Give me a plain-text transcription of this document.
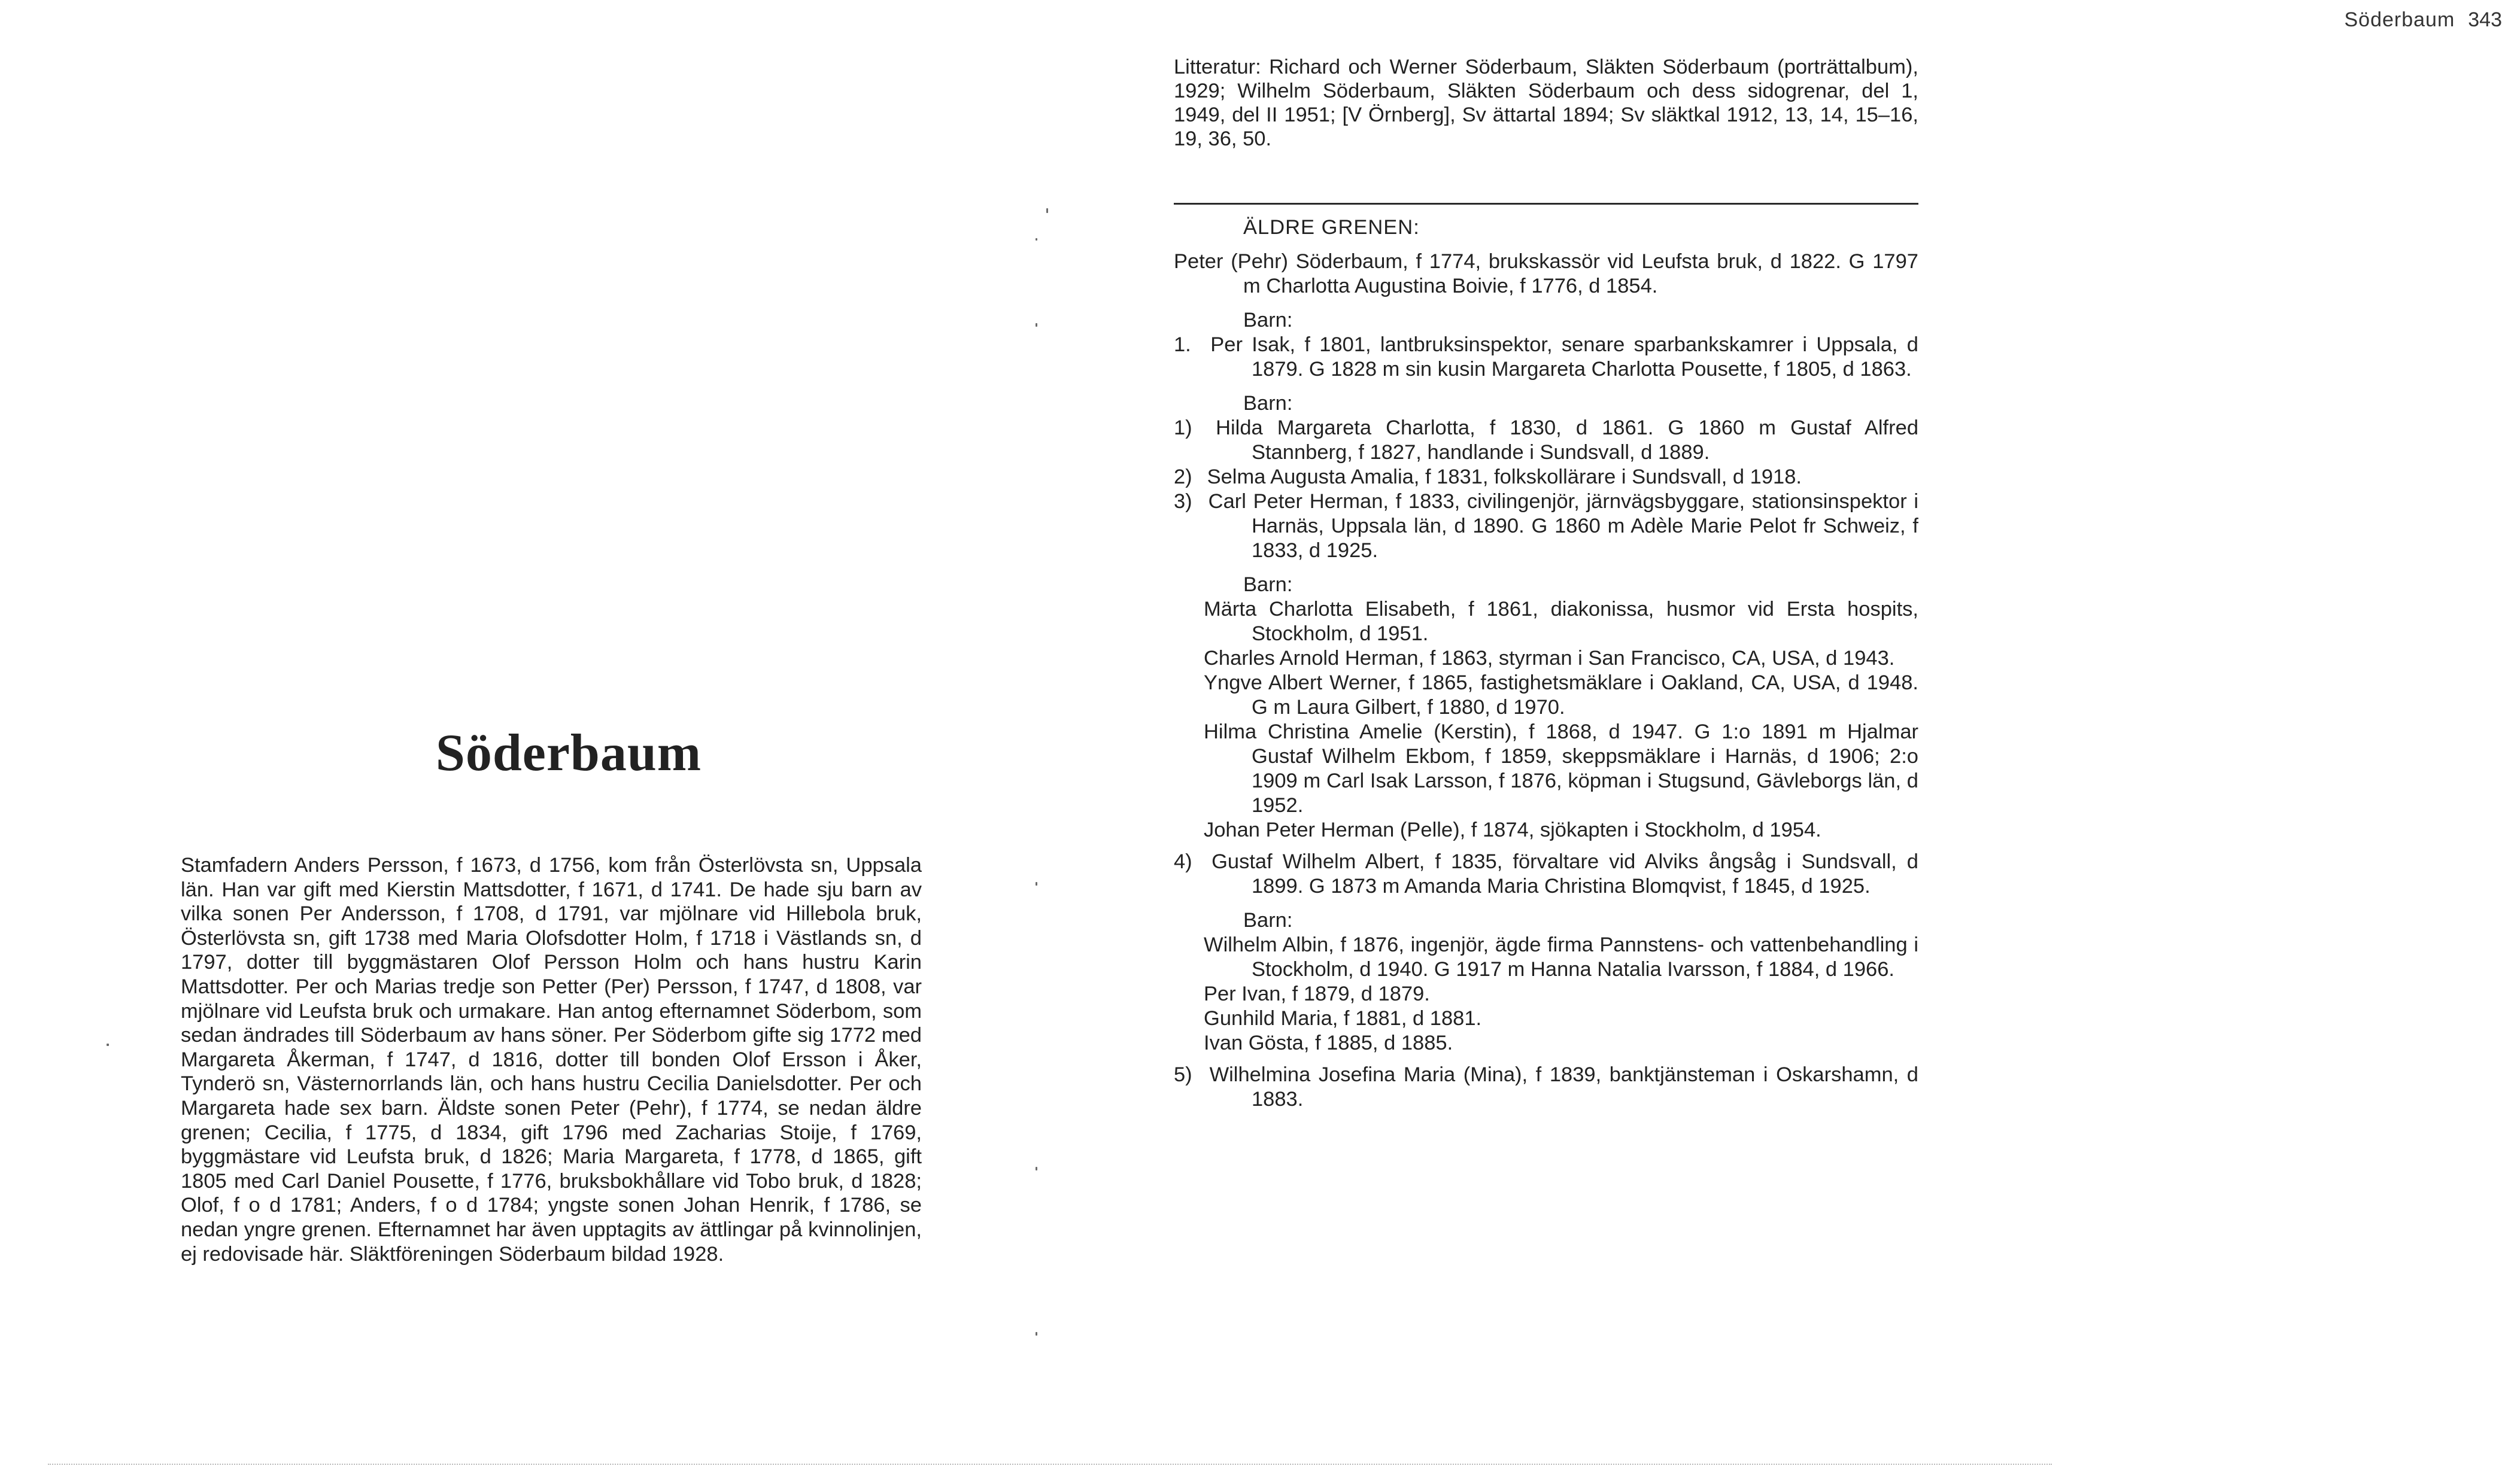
Söderbaum
Stamfadern Anders Persson, f 1673, d 1756, kom från Österlövsta sn, Uppsala län. Han var gift med Kierstin Mattsdotter, f 1671, d 1741. De hade sju barn av vilka sonen Per Andersson, f 1708, d 1791, var mjölnare vid Hillebola bruk, Österlövsta sn, gift 1738 med Maria Olofsdotter Holm, f 1718 i Västlands sn, d 1797, dotter till byggmästaren Olof Persson Holm och hans hustru Karin Mattsdotter. Per och Marias tredje son Petter (Per) Persson, f 1747, d 1808, var mjölnare vid Leufsta bruk och urmakare. Han antog efternamnet Söderbom, som sedan ändrades till Söderbaum av hans söner. Per Söderbom gifte sig 1772 med Margareta Åkerman, f 1747, d 1816, dotter till bonden Olof Ersson i Åker, Tynderö sn, Västernorrlands län, och hans hustru Cecilia Danielsdotter. Per och Margareta hade sex barn. Äldste sonen Peter (Pehr), f 1774, se nedan äldre grenen; Cecilia, f 1775, d 1834, gift 1796 med Zacharias Stoije, f 1769, byggmästare vid Leufsta bruk, d 1826; Maria Margareta, f 1778, d 1865, gift 1805 med Carl Daniel Pousette, f 1776, bruksbokhållare vid Tobo bruk, d 1828; Olof, f o d 1781; Anders, f o d 1784; yngste sonen Johan Henrik, f 1786, se nedan yngre grenen. Efternamnet har även upptagits av ättlingar på kvinnolinjen, ej redovisade här. Släktföreningen Söderbaum bildad 1928.
Söderbaum 343
Litteratur: Richard och Werner Söderbaum, Släkten Söderbaum (porträttalbum), 1929; Wilhelm Söderbaum, Släkten Söderbaum och dess sidogrenar, del 1, 1949, del II 1951; [V Örnberg], Sv ättartal 1894; Sv släktkal 1912, 13, 14, 15–16, 19, 36, 50.
ÄLDRE GRENEN:
Peter (Pehr) Söderbaum, f 1774, brukskassör vid Leufsta bruk, d 1822. G 1797 m Charlotta Augustina Boivie, f 1776, d 1854.
Barn:
1. Per Isak, f 1801, lantbruksinspektor, senare sparbankskamrer i Uppsala, d 1879. G 1828 m sin kusin Margareta Charlotta Pousette, f 1805, d 1863.
Barn:
1) Hilda Margareta Charlotta, f 1830, d 1861. G 1860 m Gustaf Alfred Stannberg, f 1827, handlande i Sundsvall, d 1889.
2) Selma Augusta Amalia, f 1831, folkskollärare i Sundsvall, d 1918.
3) Carl Peter Herman, f 1833, civilingenjör, järnvägsbyggare, stationsinspektor i Harnäs, Uppsala län, d 1890. G 1860 m Adèle Marie Pelot fr Schweiz, f 1833, d 1925.
Barn:
Märta Charlotta Elisabeth, f 1861, diakonissa, husmor vid Ersta hospits, Stockholm, d 1951.
Charles Arnold Herman, f 1863, styrman i San Francisco, CA, USA, d 1943.
Yngve Albert Werner, f 1865, fastighetsmäklare i Oakland, CA, USA, d 1948. G m Laura Gilbert, f 1880, d 1970.
Hilma Christina Amelie (Kerstin), f 1868, d 1947. G 1:o 1891 m Hjalmar Gustaf Wilhelm Ekbom, f 1859, skeppsmäklare i Harnäs, d 1906; 2:o 1909 m Carl Isak Larsson, f 1876, köpman i Stugsund, Gävleborgs län, d 1952.
Johan Peter Herman (Pelle), f 1874, sjökapten i Stockholm, d 1954.
4) Gustaf Wilhelm Albert, f 1835, förvaltare vid Alviks ångsåg i Sundsvall, d 1899. G 1873 m Amanda Maria Christina Blomqvist, f 1845, d 1925.
Barn:
Wilhelm Albin, f 1876, ingenjör, ägde firma Pannstens- och vattenbehandling i Stockholm, d 1940. G 1917 m Hanna Natalia Ivarsson, f 1884, d 1966.
Per Ivan, f 1879, d 1879.
Gunhild Maria, f 1881, d 1881.
Ivan Gösta, f 1885, d 1885.
5) Wilhelmina Josefina Maria (Mina), f 1839, banktjänsteman i Oskarshamn, d 1883.
